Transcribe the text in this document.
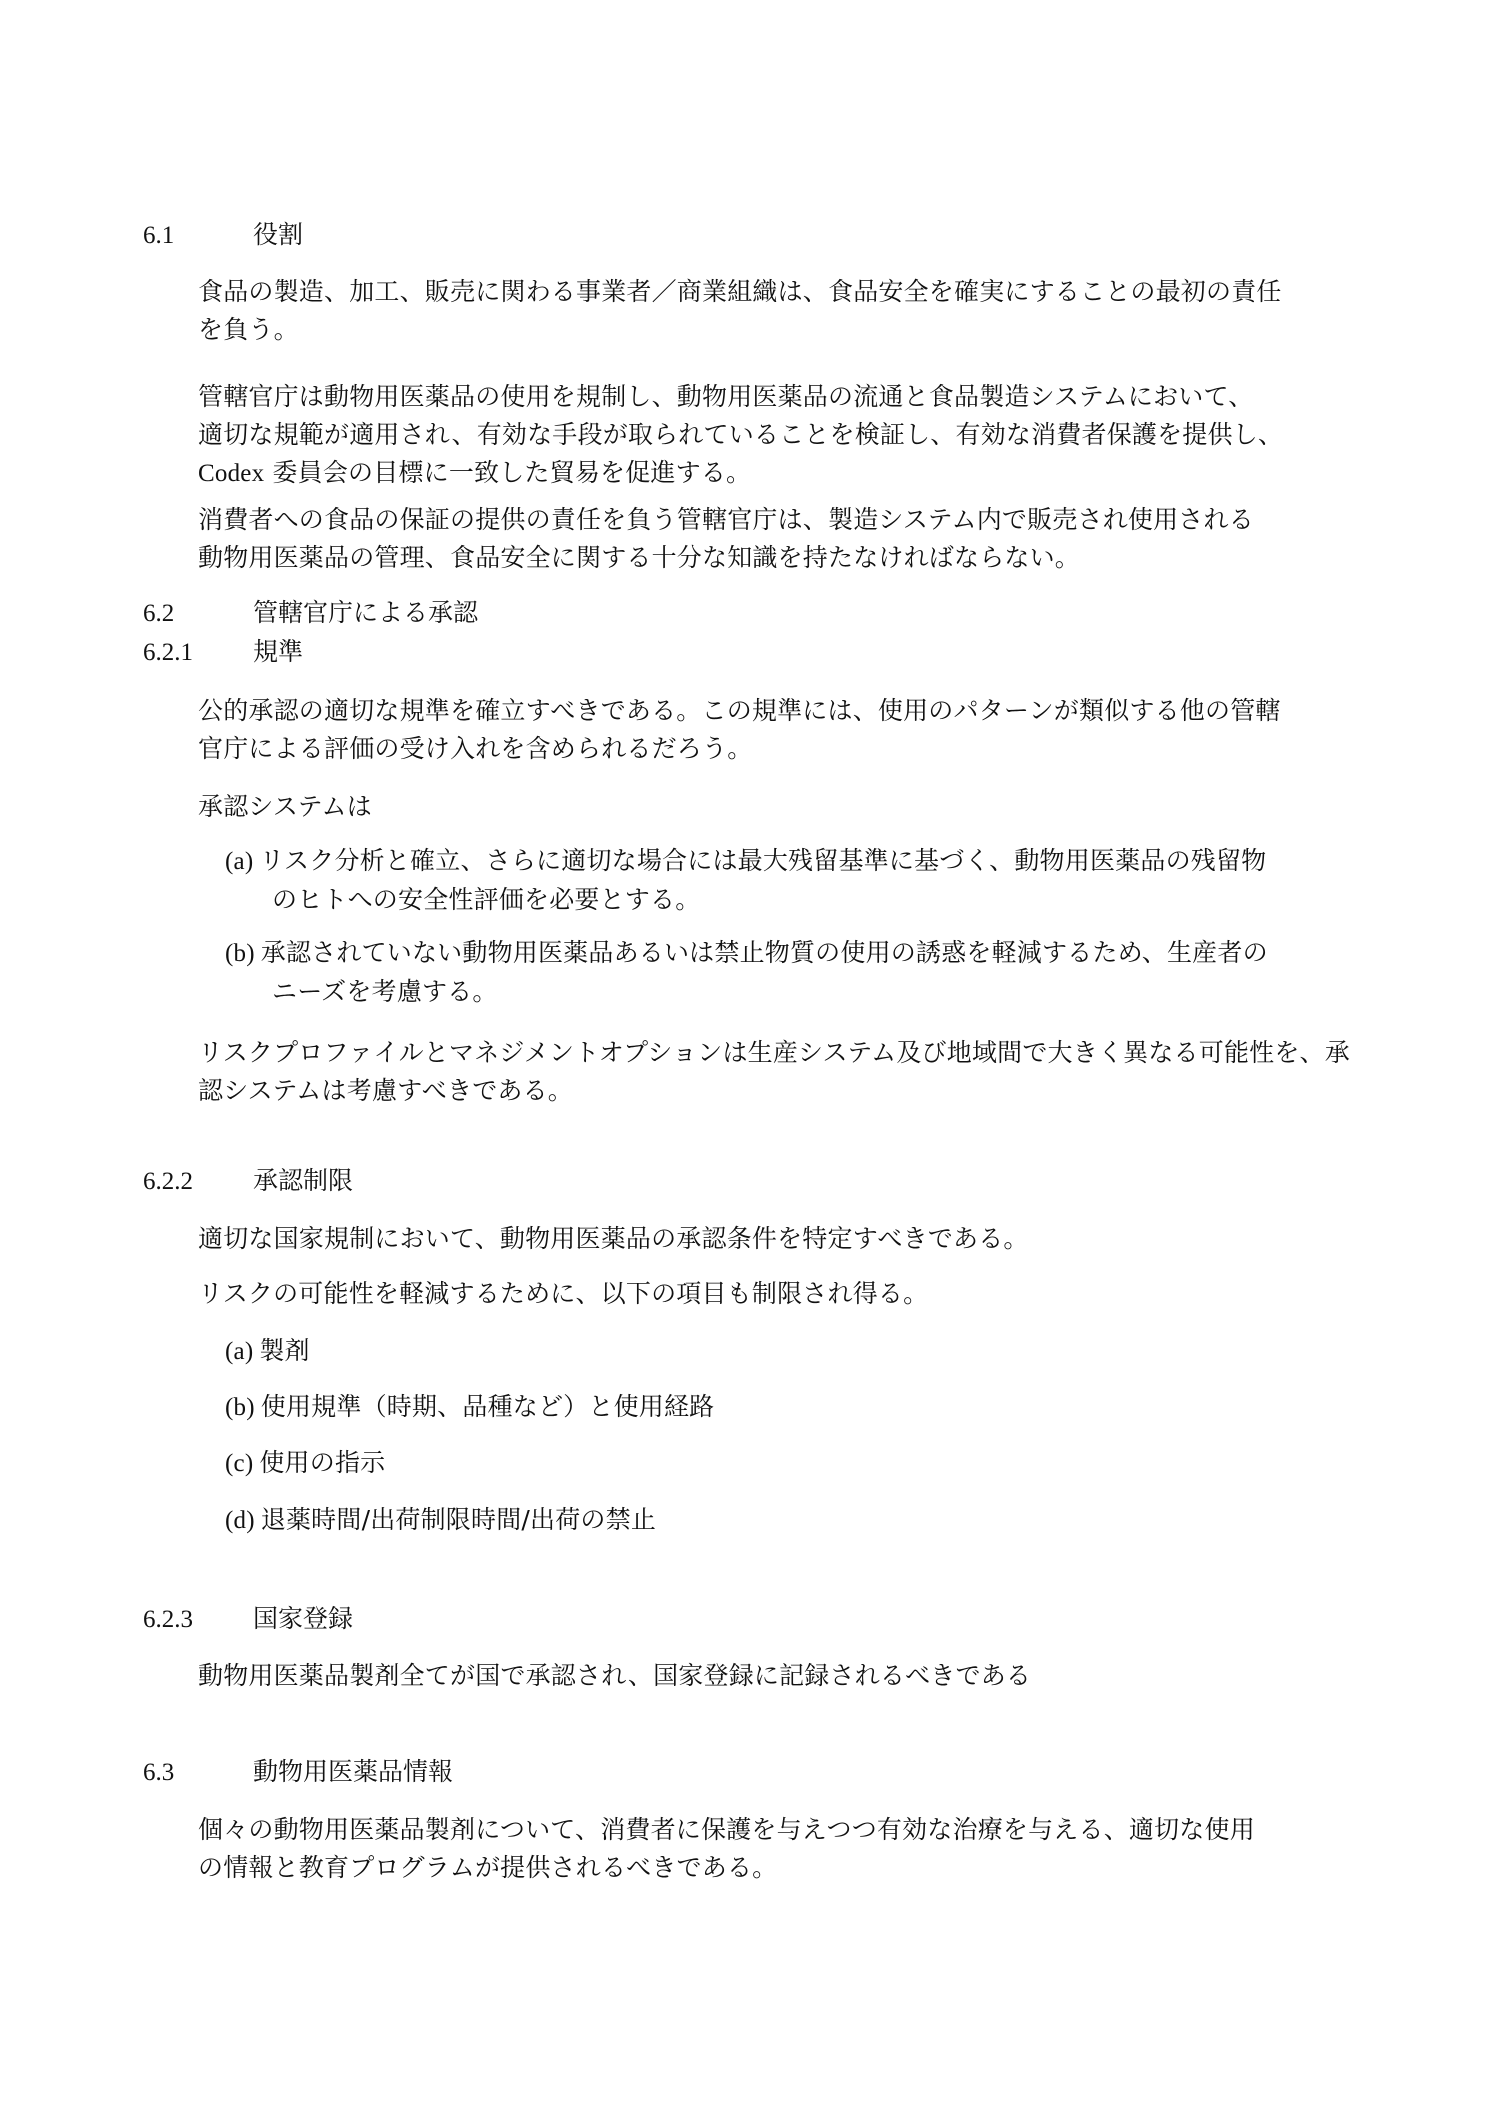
6.1	役割
食品の製造、加工、販売に関わる事業者／商業組織は、食品安全を確実にすることの最初の責任
を負う。
管轄官庁は動物用医薬品の使用を規制し、動物用医薬品の流通と食品製造システムにおいて、
適切な規範が適用され、有効な手段が取られていることを検証し、有効な消費者保護を提供し、
Codex 委員会の目標に一致した貿易を促進する。
消費者への食品の保証の提供の責任を負う管轄官庁は、製造システム内で販売され使用される
動物用医薬品の管理、食品安全に関する十分な知識を持たなければならない。
6.2	管轄官庁による承認
6.2.1 規準
公的承認の適切な規準を確立すべきである。この規準には、使用のパターンが類似する他の管轄
官庁による評価の受け入れを含められるだろう。
承認システムは
(a) リスク分析と確立、さらに適切な場合には最大残留基準に基づく、動物用医薬品の残留物
のヒトへの安全性評価を必要とする。
(b) 承認されていない動物用医薬品あるいは禁止物質の使用の誘惑を軽減するため、生産者の
ニーズを考慮する。
リスクプロファイルとマネジメントオプションは生産システム及び地域間で大きく異なる可能性を、承
認システムは考慮すべきである。
6.2.2 承認制限
適切な国家規制において、動物用医薬品の承認条件を特定すべきである。
リスクの可能性を軽減するために、以下の項目も制限され得る。
(a) 製剤
(b) 使用規準（時期、品種など）と使用経路
(c) 使用の指示
(d) 退薬時間/出荷制限時間/出荷の禁止
6.2.3 国家登録
動物用医薬品製剤全てが国で承認され、国家登録に記録されるべきである
6.3	動物用医薬品情報
個々の動物用医薬品製剤について、消費者に保護を与えつつ有効な治療を与える、適切な使用
の情報と教育プログラムが提供されるべきである。
